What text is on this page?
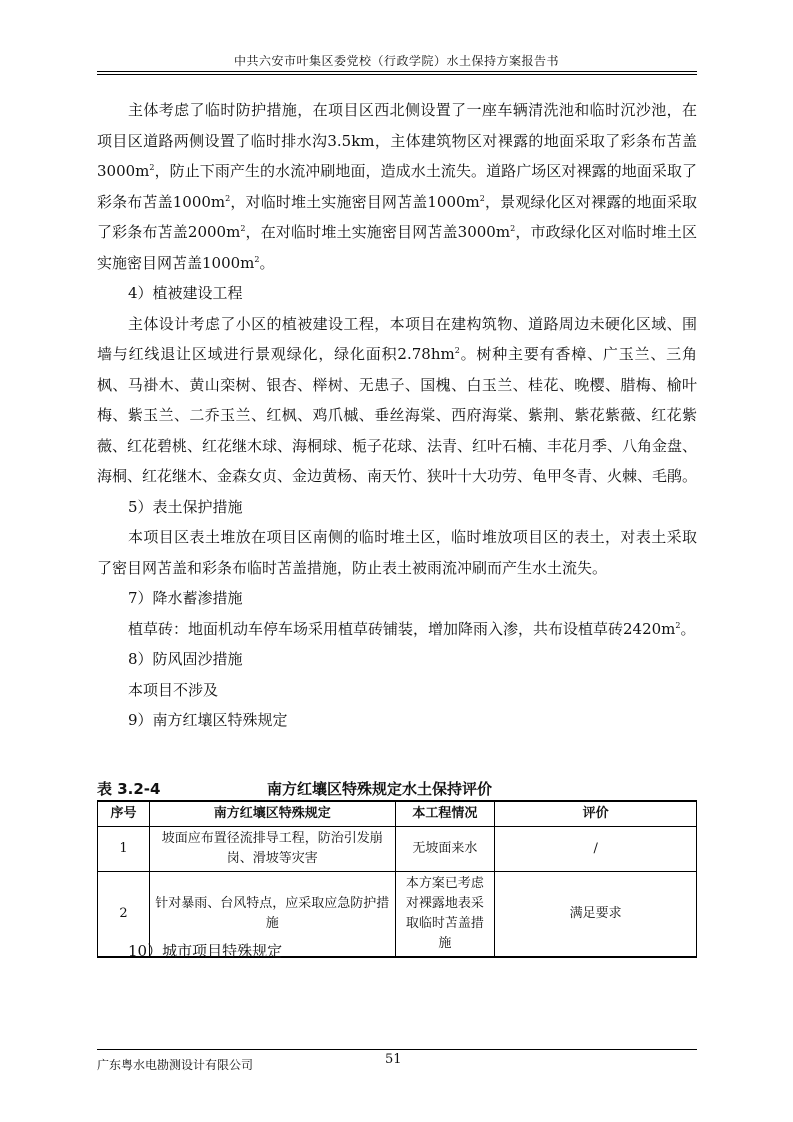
中共六安市叶集区委党校（行政学院）水土保持方案报告书

主体考虑了临时防护措施，在项目区西北侧设置了一座车辆清洗池和临时沉沙池，在项目区道路两侧设置了临时排水沟3.5km，主体建筑物区对裸露的地面采取了彩条布苫盖$3000m^2$，防止下雨产生的水流冲刷地面，造成水土流失。道路广场区对裸露的地面采取了彩条布苫盖$1000m^2$，对临时堆土实施密目网苫盖$1000m^2$，景观绿化区对裸露的地面采取了彩条布苫盖$2000m^2$，在对临时堆土实施密目网苫盖$3000m^2$，市政绿化区对临时堆土区实施密目网苫盖$1000m^2$。

4）植被建设工程

主体设计考虑了小区的植被建设工程，本项目在建构筑物、道路周边未硬化区域、围墙与红线退让区域进行景观绿化，绿化面积$2.78hm^2$。树种主要有香樟、广玉兰、三角枫、马褂木、黄山栾树、银杏、榉树、无患子、国槐、白玉兰、桂花、晚樱、腊梅、榆叶梅、紫玉兰、二乔玉兰、红枫、鸡爪槭、垂丝海棠、西府海棠、紫荆、紫花紫薇、红花紫薇、红花碧桃、红花继木球、海桐球、栀子花球、法青、红叶石楠、丰花月季、八角金盘、海桐、红花继木、金森女贞、金边黄杨、南天竹、狭叶十大功劳、龟甲冬青、火棘、毛鹃。

5）表土保护措施

本项目区表土堆放在项目区南侧的临时堆土区，临时堆放项目区的表土，对表土采取了密目网苫盖和彩条布临时苫盖措施，防止表土被雨流冲刷而产生水土流失。

7）降水蓄渗措施

植草砖：地面机动车停车场采用植草砖铺装，增加降雨入渗，共布设植草砖$2420m^2$。

8）防风固沙措施

本项目不涉及

9）南方红壤区特殊规定

表 3.2-4	南方红壤区特殊规定水土保持评价
序号	南方红壤区特殊规定	本工程情况	评价
1	坡面应布置径流排导工程，防治引发崩岗、滑坡等灾害	无坡面来水	/
2	针对暴雨、台风特点，应采取应急防护措施	本方案已考虑对裸露地表采取临时苫盖措施	满足要求
10）城市项目特殊规定
广东粤水电勘测设计有限公司	51
